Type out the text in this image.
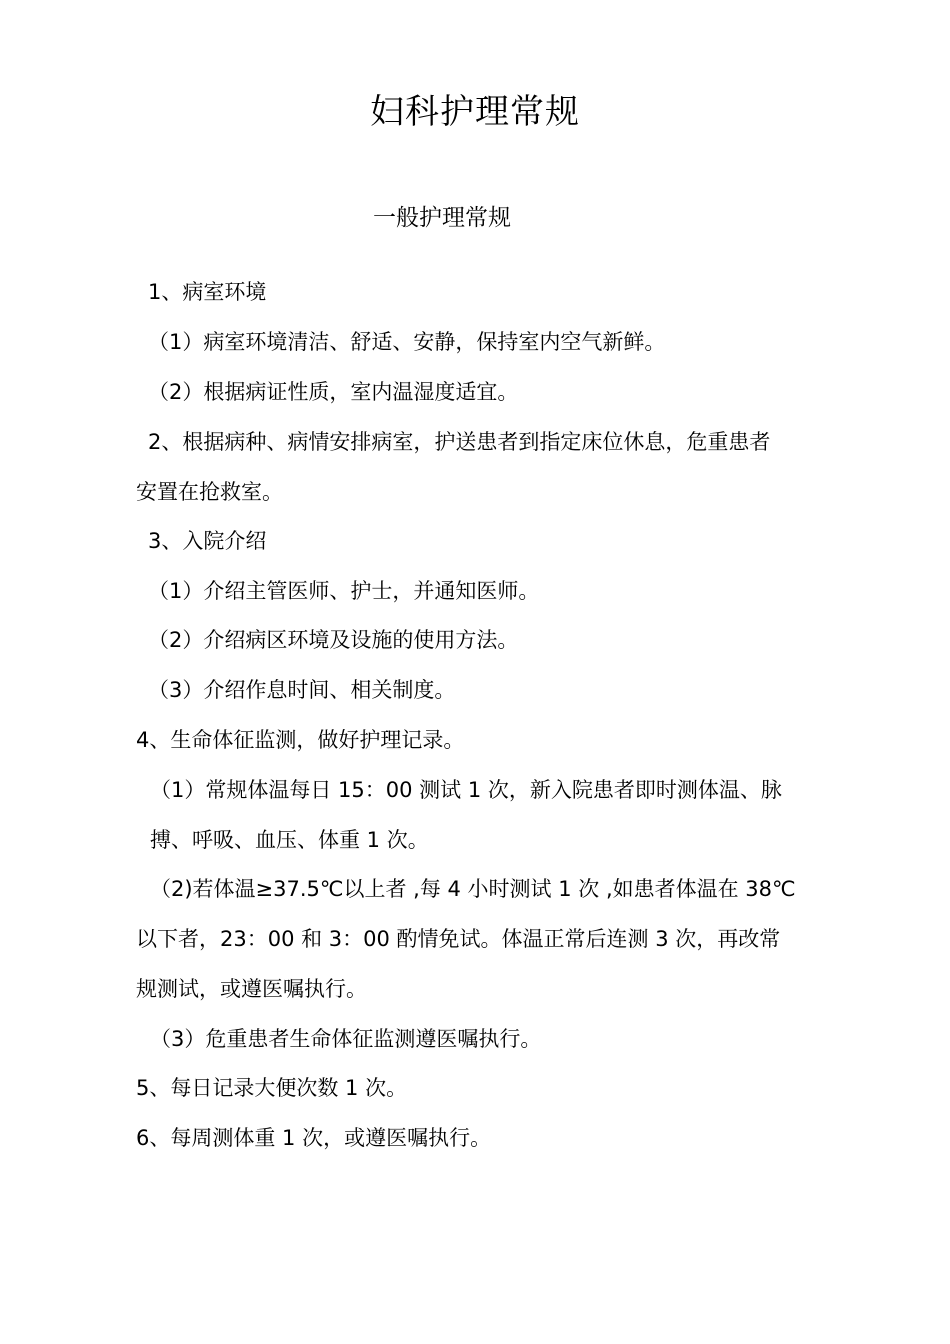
妇科护理常规
一般护理常规
1、病室环境
（1）病室环境清洁、舒适、安静，保持室内空气新鲜。
（2）根据病证性质，室内温湿度适宜。
2、根据病种、病情安排病室，护送患者到指定床位休息，危重患者
安置在抢救室。
3、入院介绍
（1）介绍主管医师、护士，并通知医师。
（2）介绍病区环境及设施的使用方法。
（3）介绍作息时间、相关制度。
4、生命体征监测，做好护理记录。
（1）常规体温每日 15：00 测试 1 次，新入院患者即时测体温、脉
搏、呼吸、血压、体重 1 次。
（2)若体温≥37.5℃以上者 ,每 4 小时测试 1 次 ,如患者体温在 38℃
以下者，23：00 和 3：00 酌情免试。体温正常后连测 3 次，再改常
规测试，或遵医嘱执行。
（3）危重患者生命体征监测遵医嘱执行。
5、每日记录大便次数 1 次。
6、每周测体重 1 次，或遵医嘱执行。
